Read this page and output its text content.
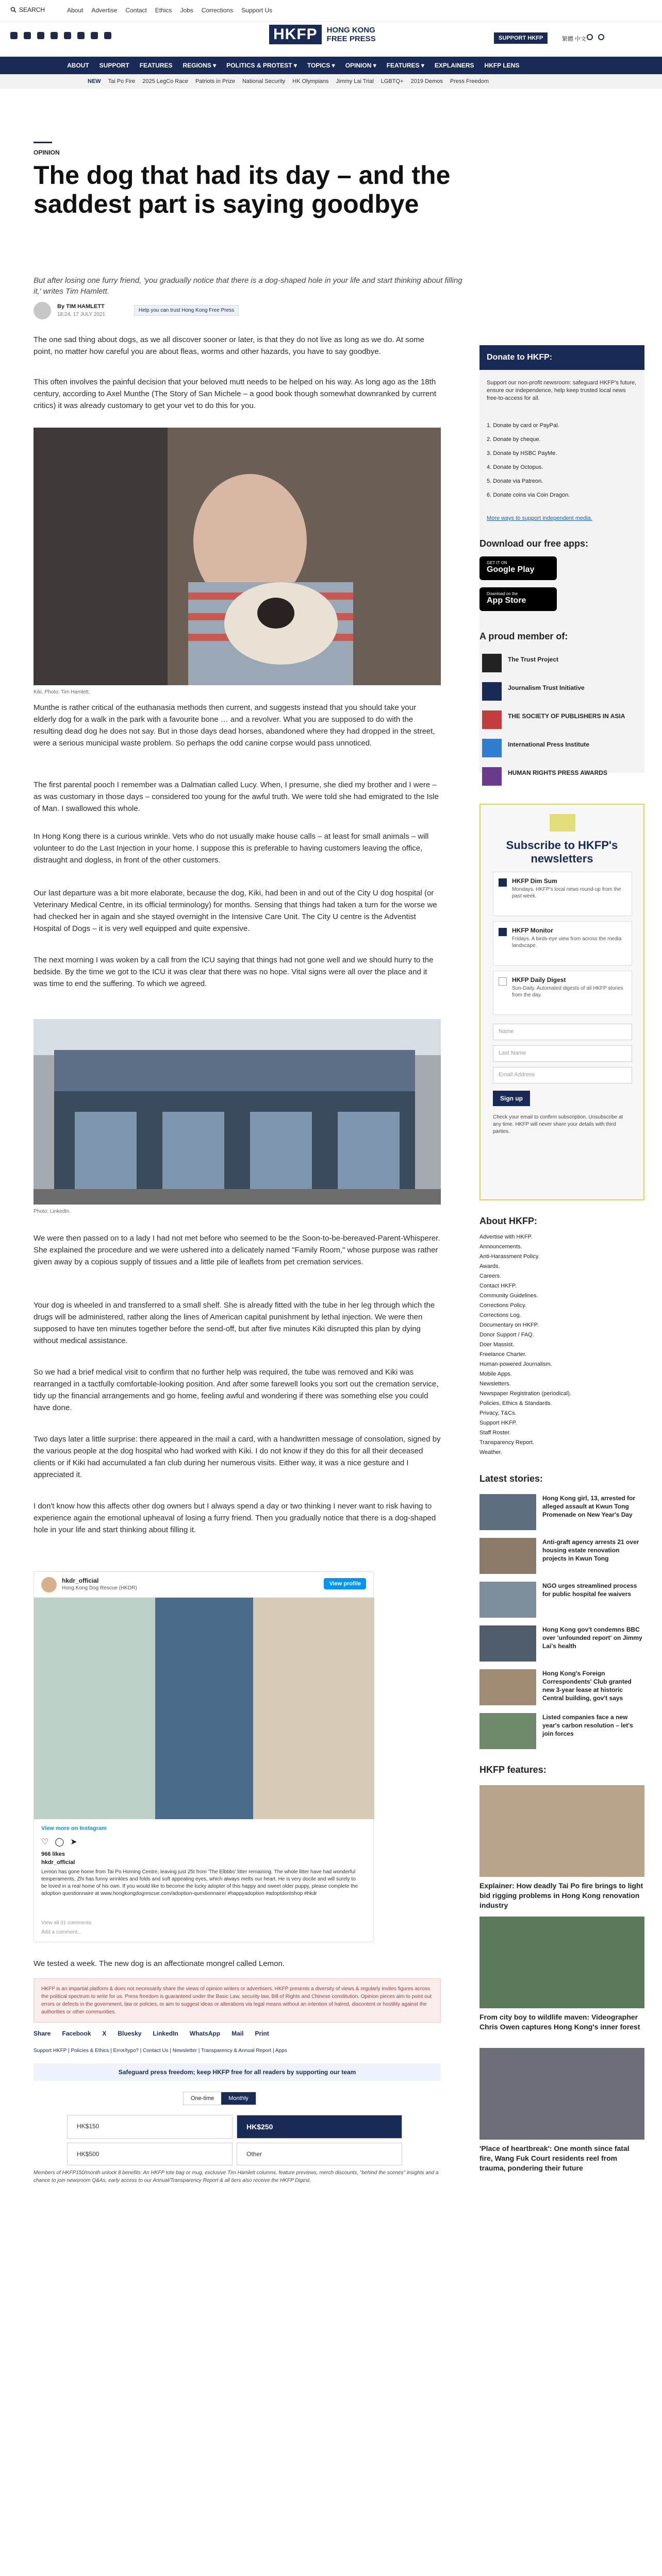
SEARCH	About Advertise Contact Ethics Jobs Corrections Support Us
HKFP	HONG KONG
FREE PRESS	SUPPORT HKFP	繁體 中文
ABOUT SUPPORT FEATURES REGIONS ▾ POLITICS & PROTEST ▾ TOPICS ▾ OPINION ▾ FEATURES ▾ EXPLAINERS HKFP LENS
NEW Tai Po Fire 2025 LegCo Race Patriots in Prize National Security HK Olympians Jimmy Lai Trial LGBTQ+ 2019 Demos Press Freedom
OPINION
The dog that had its day – and the saddest part is saying goodbye
But after losing one furry friend, 'you gradually notice that there is a dog-shaped hole in your life and start thinking about filling it,' writes Tim Hamlett.
By TIM HAMLETT
18:24, 17 JULY 2021
Help you can trust Hong Kong Free Press

The one sad thing about dogs, as we all discover sooner or later, is that they do not live as long as we do. At some point, no matter how careful you are about fleas, worms and other hazards, you have to say goodbye.

This often involves the painful decision that your beloved mutt needs to be helped on his way. As long ago as the 18th century, according to Axel Munthe (The Story of San Michele – a good book though somewhat downranked by current critics) it was already customary to get your vet to do this for you.

Kiki. Photo: Tim Hamlett.

Munthe is rather critical of the euthanasia methods then current, and suggests instead that you should take your elderly dog for a walk in the park with a favourite bone … and a revolver. What you are supposed to do with the resulting dead dog he does not say. But in those days dead horses, abandoned where they had dropped in the street, were a serious municipal waste problem. So perhaps the odd canine corpse would pass unnoticed.

The first parental pooch I remember was a Dalmatian called Lucy. When, I presume, she died my brother and I were – as was customary in those days – considered too young for the awful truth. We were told she had emigrated to the Isle of Man. I swallowed this whole.

In Hong Kong there is a curious wrinkle. Vets who do not usually make house calls – at least for small animals – will volunteer to do the Last Injection in your home. I suppose this is preferable to having customers leaving the office, distraught and dogless, in front of the other customers.

Our last departure was a bit more elaborate, because the dog, Kiki, had been in and out of the City U dog hospital (or Veterinary Medical Centre, in its official terminology) for months. Sensing that things had taken a turn for the worse we had checked her in again and she stayed overnight in the Intensive Care Unit. The City U centre is the Adventist Hospital of Dogs – it is very well equipped and quite expensive.

The next morning I was woken by a call from the ICU saying that things had not gone well and we should hurry to the bedside. By the time we got to the ICU it was clear that there was no hope. Vital signs were all over the place and it was time to end the suffering. To which we agreed.

Photo: LinkedIn.

We were then passed on to a lady I had not met before who seemed to be the Soon-to-be-bereaved-Parent-Whisperer. She explained the procedure and we were ushered into a delicately named "Family Room," whose purpose was rather given away by a copious supply of tissues and a little pile of leaflets from pet cremation services.

Your dog is wheeled in and transferred to a small shelf. She is already fitted with the tube in her leg through which the drugs will be administered, rather along the lines of American capital punishment by lethal injection. We were then supposed to have ten minutes together before the send-off, but after five minutes Kiki disrupted this plan by dying without medical assistance.

So we had a brief medical visit to confirm that no further help was required, the tube was removed and Kiki was rearranged in a tactfully comfortable-looking position. And after some farewell looks you sort out the cremation service, tidy up the financial arrangements and go home, feeling awful and wondering if there was something else you could have done.

Two days later a little surprise: there appeared in the mail a card, with a handwritten message of consolation, signed by the various people at the dog hospital who had worked with Kiki. I do not know if they do this for all their deceased clients or if Kiki had accumulated a fan club during her numerous visits. Either way, it was a nice gesture and I appreciated it.

I don't know how this affects other dog owners but I always spend a day or two thinking I never want to risk having to experience again the emotional upheaval of losing a furry friend. Then you gradually notice that there is a dog-shaped hole in your life and start thinking about filling it.

hkdr_official
Hong Kong Dog Rescue (HKDR)
View profile
View more on Instagram
♡ ◯ ➤
966 likes
hkdr_official
Lemon has gone home from Tai Po Homing Centre, leaving just 25t from 'The Elbbbs' litter remaining. The whole litter have had wonderful temperaments, Zhi has funny wrinkles and folds and soft appealing eyes, which always melts our heart. He is very docile and will surely to be loved in a real home of his own. If you would like to become the lucky adopter of this happy and sweet older puppy, please complete the adoption questionnaire at www.hongkongdogrescue.com/adoption-questionnaire/ #happyadoption #adoptdontshop #hkdr
View all 31 comments
Add a comment...

We tested a week. The new dog is an affectionate mongrel called Lemon.

HKFP is an impartial platform & does not necessarily share the views of opinion writers or advertisers. HKFP presents a diversity of views & regularly invites figures across the political spectrum to write for us. Press freedom is guaranteed under the Basic Law, security law, Bill of Rights and Chinese constitution. Opinion pieces aim to point out errors or defects in the government, law or policies, or aim to suggest ideas or alterations via legal means without an intention of hatred, discontent or hostility against the authorities or other communities.
Share Facebook X Bluesky LinkedIn WhatsApp Mail Print
Support HKFP | Policies & Ethics | Error/typo? | Contact Us | Newsletter | Transparency & Annual Report | Apps
Safeguard press freedom; keep HKFP free for all readers by supporting our team
One-time	Monthly
HK$150	HK$250
HK$500	Other
Members of HKFP150/month unlock 8 benefits: An HKFP tote bag or mug, exclusive Tim Hamlett columns, feature previews, merch discounts, "behind the scenes" insights and a chance to join newsroom Q&As, early access to our Annual/Transparency Report & all tiers also receive the HKFP Digest.
Donate to HKFP:
Support our non-profit newsroom: safeguard HKFP's future, ensure our independence, help keep trusted local news free-to-access for all.
1. Donate by card or PayPal.
2. Donate by cheque.
3. Donate by HSBC PayMe.
4. Donate by Octopus.
5. Donate via Patreon.
6. Donate coins via Coin Dragon.
More ways to support independent media.
Download our free apps:
GET IT ON
Google Play
Download on the
App Store
A proud member of:
The Trust Project
Journalism Trust Initiative
THE SOCIETY OF PUBLISHERS IN ASIA
International Press Institute
HUMAN RIGHTS PRESS AWARDS
Subscribe to HKFP's newsletters
HKFP Dim Sum
Mondays. HKFP's local news round-up from the past week.
HKFP Monitor
Fridays. A birds-eye view from across the media landscape.
HKFP Daily Digest
Sun-Daily. Automated digests of all HKFP stories from the day.
Name
Last Name
Email Address
Sign up
Check your email to confirm subscription. Unsubscribe at any time. HKFP will never share your details with third parties.
About HKFP:
Advertise with HKFP.
Announcements.
Anti-Harassment Policy.
Awards.
Careers.
Contact HKFP.
Community Guidelines.
Corrections Policy.
Corrections Log.
Documentary on HKFP.
Donor Support / FAQ.
Doer Massist.
Freelance Charter.
Human-powered Journalism.
Mobile Apps.
Newsletters.
Newspaper Registration (periodical).
Policies, Ethics & Standards.
Privacy, T&Cs.
Support HKFP.
Staff Roster.
Transparency Report.
Weather.
Latest stories:
Hong Kong girl, 13, arrested for alleged assault at Kwun Tong Promenade on New Year's Day
Anti-graft agency arrests 21 over housing estate renovation projects in Kwun Tong
NGO urges streamlined process for public hospital fee waivers
Hong Kong gov't condemns BBC over 'unfounded report' on Jimmy Lai's health
Hong Kong's Foreign Correspondents' Club granted new 3-year lease at historic Central building, gov't says
Listed companies face a new year's carbon resolution – let's join forces
HKFP features:
Explainer: How deadly Tai Po fire brings to light bid rigging problems in Hong Kong renovation industry
From city boy to wildlife maven: Videographer Chris Owen captures Hong Kong's inner forest
'Place of heartbreak': One month since fatal fire, Wang Fuk Court residents reel from trauma, pondering their future
